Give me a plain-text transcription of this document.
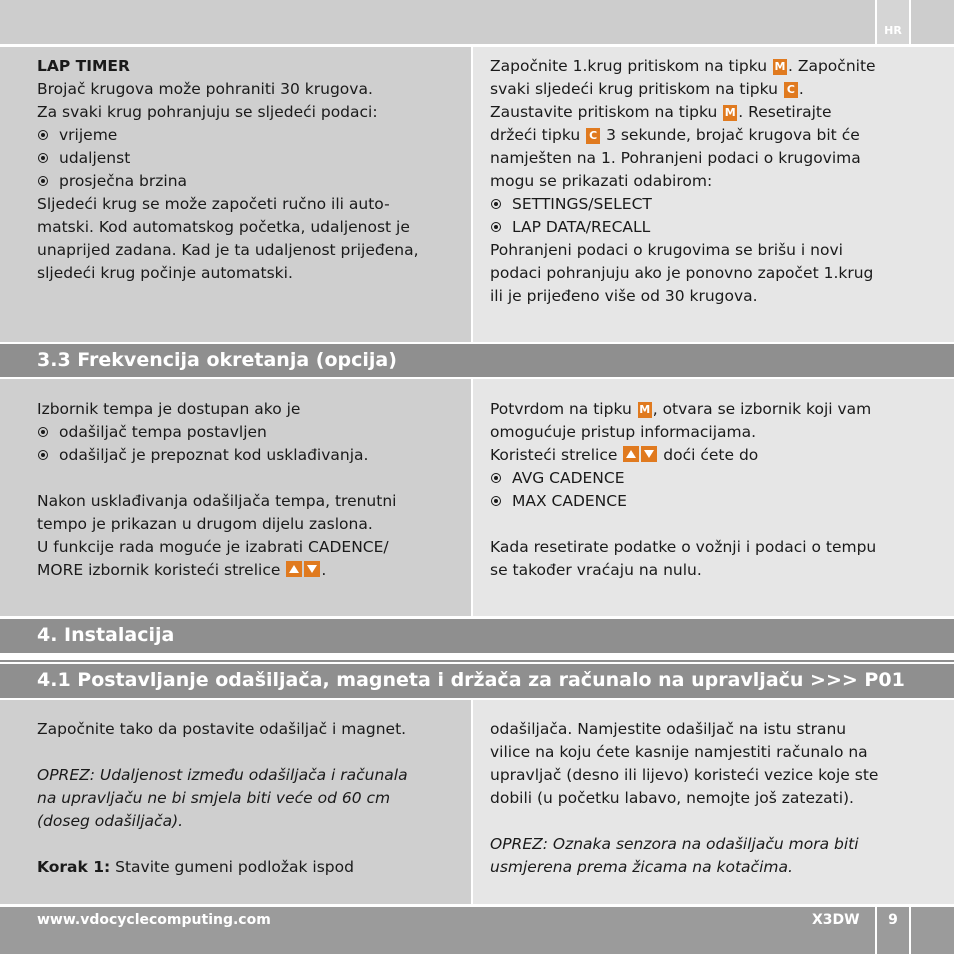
HR

LAP TIMER

Brojač krugova može pohraniti 30 krugova.

Za svaki krug pohranjuju se sljedeći podaci:

vrijeme
udaljenst
prosječna brzina

Sljedeći krug se može započeti ručno ili auto-
matski. Kod automatskog početka, udaljenost je
unaprijed zadana. Kad je ta udaljenost prijeđena,
sljedeći krug počinje automatski.

Započnite 1.krug pritiskom na tipku M . Započnite

svaki sljedeći krug pritiskom na tipku C .

Zaustavite pritiskom na tipku M . Resetirajte

držeći tipku C 3 sekunde, brojač krugova bit će

namješten na 1. Pohranjeni podaci o krugovima

mogu se prikazati odabirom:

SETTINGS/SELECT
LAP DATA/RECALL

Pohranjeni podaci o krugovima se brišu i novi
podaci pohranjuju ako je ponovno započet 1.krug
ili je prijeđeno više od 30 krugova.

3.3 Frekvencija okretanja (opcija)

Izbornik tempa je dostupan ako je

odašiljač tempa postavljen
odašiljač je prepoznat kod usklađivanja.

Nakon usklađivanja odašiljača tempa, trenutni
tempo je prikazan u drugom dijelu zaslona.
U funkcije rada moguće je izabrati CADENCE/

MORE izbornik koristeći strelice	.

Potvrdom na tipku M , otvara se izbornik koji vam

omogućuje pristup informacijama.

Koristeći strelice	doći ćete do

AVG CADENCE
MAX CADENCE

Kada resetirate podatke o vožnji i podaci o tempu
se također vraćaju na nulu.

4. Instalacija
4.1 Postavljanje odašiljača, magneta i držača za računalo na upravljaču >>> P01

Započnite tako da postavite odašiljač i magnet.

OPREZ: Udaljenost između odašiljača i računala
na upravljaču ne bi smjela biti veće od 60 cm
(doseg odašiljača).

Korak 1: Stavite gumeni podložak ispod

odašiljača. Namjestite odašiljač na istu stranu
vilice na koju ćete kasnije namjestiti računalo na
upravljač (desno ili lijevo) koristeći vezice koje ste
dobili (u početku labavo, nemojte još zatezati).

OPREZ: Oznaka senzora na odašiljaču mora biti
usmjerena prema žicama na kotačima.

www.vdocyclecomputing.com	X3DW	9
